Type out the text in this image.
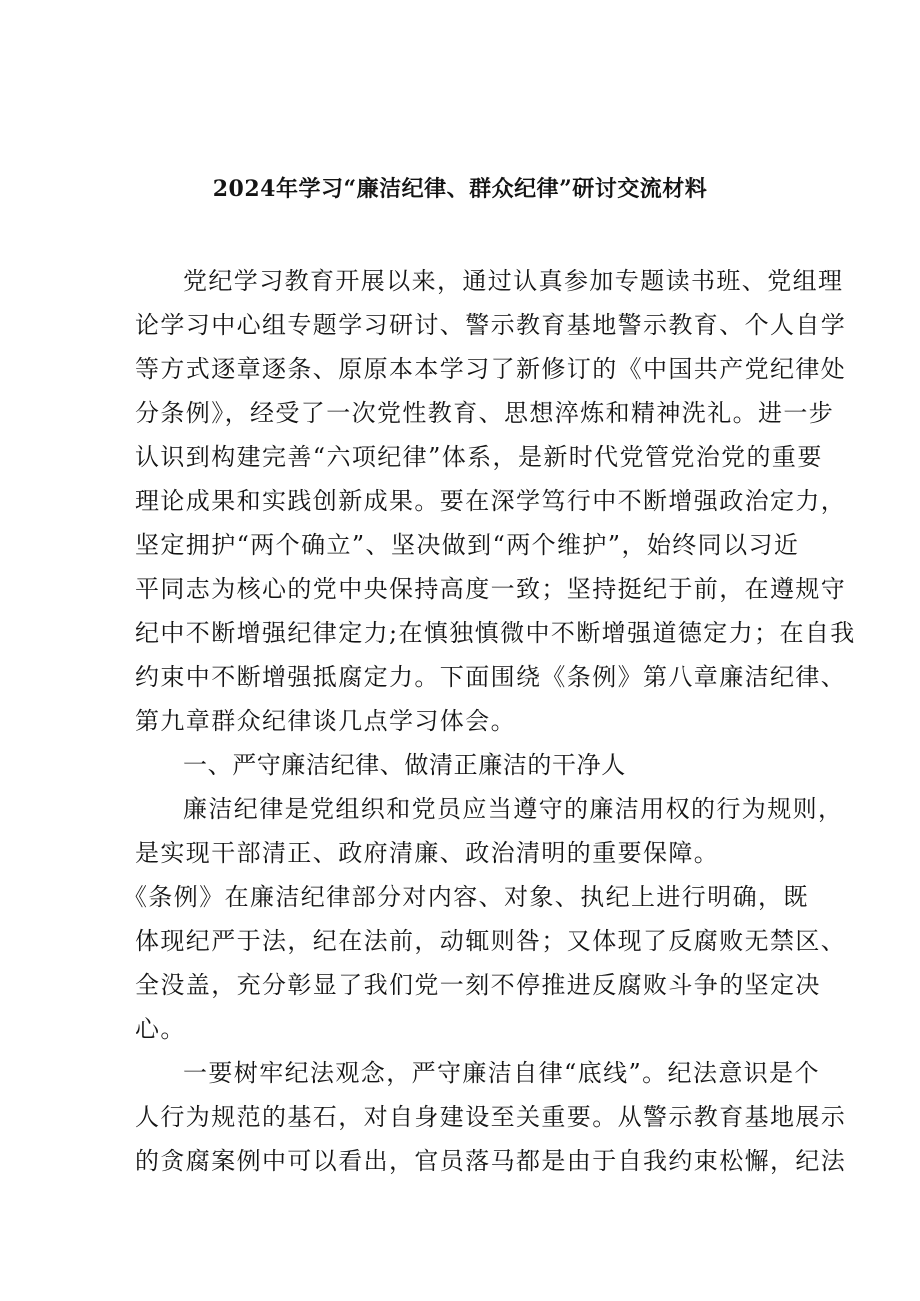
2024年学习“廉洁纪律、群众纪律”研讨交流材料
党纪学习教育开展以来，通过认真参加专题读书班、党组理
论学习中心组专题学习研讨、警示教育基地警示教育、个人自学
等方式逐章逐条、原原本本学习了新修订的《中国共产党纪律处
分条例》，经受了一次党性教育、思想淬炼和精神洗礼。进一步
认识到构建完善“六项纪律”体系，是新时代党管党治党的重要
理论成果和实践创新成果。要在深学笃行中不断增强政治定力，
坚定拥护“两个确立”、坚决做到“两个维护”，始终同以习近
平同志为核心的党中央保持高度一致；坚持挺纪于前，在遵规守
纪中不断增强纪律定力;在慎独慎微中不断增强道德定力；在自我
约束中不断增强抵腐定力。下面围绕《条例》第八章廉洁纪律、
第九章群众纪律谈几点学习体会。
一、严守廉洁纪律、做清正廉洁的干净人
廉洁纪律是党组织和党员应当遵守的廉洁用权的行为规则，
是实现干部清正、政府清廉、政治清明的重要保障。
《条例》在廉洁纪律部分对内容、对象、执纪上进行明确，既
体现纪严于法，纪在法前，动辄则咎；又体现了反腐败无禁区、
全没盖，充分彰显了我们党一刻不停推进反腐败斗争的坚定决
心。
一要树牢纪法观念，严守廉洁自律“底线”。纪法意识是个
人行为规范的基石，对自身建设至关重要。从警示教育基地展示
的贪腐案例中可以看出，官员落马都是由于自我约束松懈，纪法
